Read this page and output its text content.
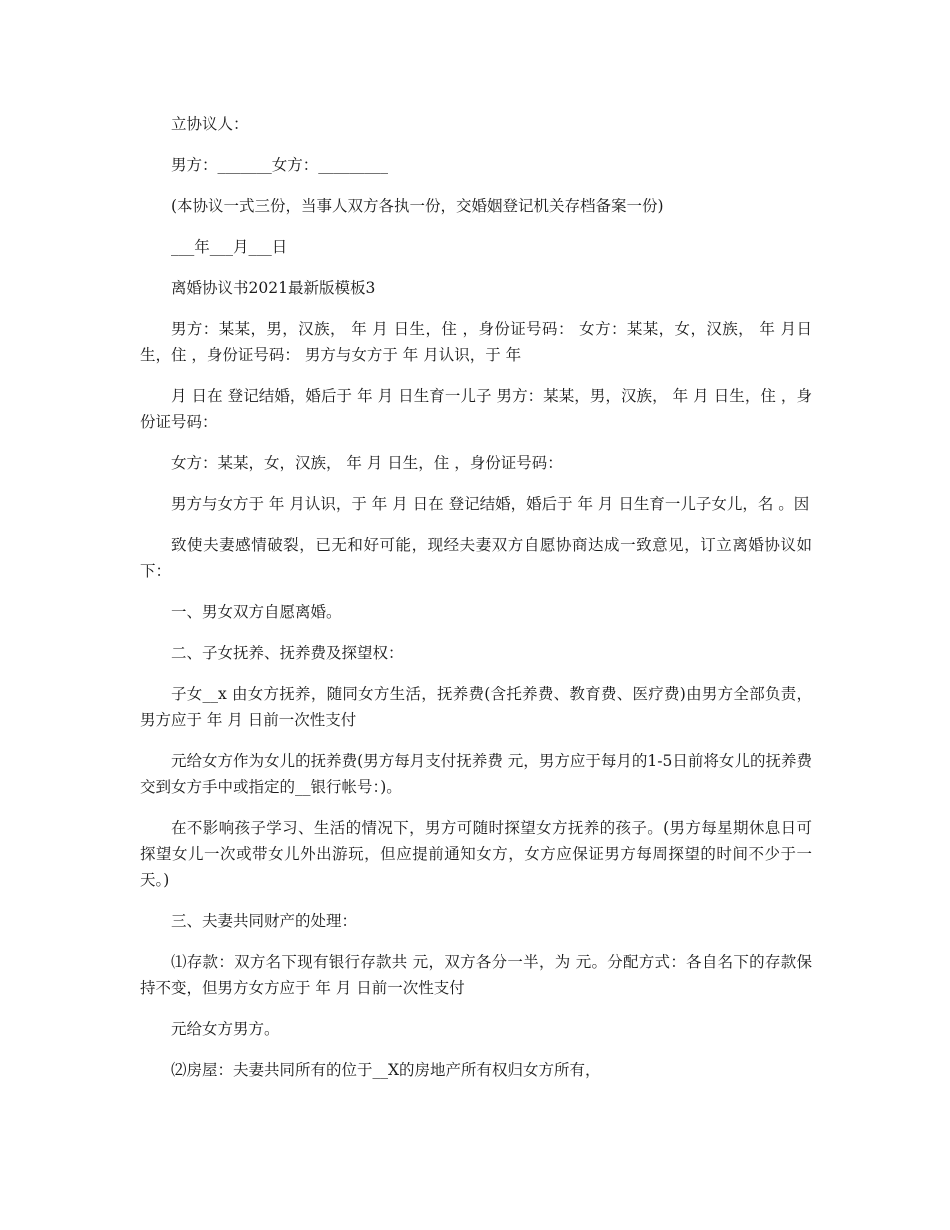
立协议人：

男方：_______女方：_________

(本协议一式三份，当事人双方各执一份，交婚姻登记机关存档备案一份)

___年___月___日

离婚协议书2021最新版模板3

男方：某某，男，汉族， 年 月 日生，住 ，身份证号码： 女方：某某，女，汉族， 年 月日生，住 ，身份证号码： 男方与女方于 年 月认识，于 年

月 日在 登记结婚，婚后于 年 月 日生育一儿子 男方：某某，男，汉族， 年 月 日生，住 ，身份证号码：

女方：某某，女，汉族， 年 月 日生，住 ，身份证号码：

男方与女方于 年 月认识，于 年 月 日在 登记结婚，婚后于 年 月 日生育一儿子女儿，名 。因

致使夫妻感情破裂，已无和好可能，现经夫妻双方自愿协商达成一致意见，订立离婚协议如下：

一、男女双方自愿离婚。

二、子女抚养、抚养费及探望权：

子女__x 由女方抚养，随同女方生活，抚养费(含托养费、教育费、医疗费)由男方全部负责，男方应于 年 月 日前一次性支付

元给女方作为女儿的抚养费(男方每月支付抚养费 元，男方应于每月的1-5日前将女儿的抚养费交到女方手中或指定的__银行帐号：)。

在不影响孩子学习、生活的情况下，男方可随时探望女方抚养的孩子。(男方每星期休息日可探望女儿一次或带女儿外出游玩，但应提前通知女方，女方应保证男方每周探望的时间不少于一天。)

三、夫妻共同财产的处理：

⑴存款：双方名下现有银行存款共 元，双方各分一半，为 元。分配方式：各自名下的存款保持不变，但男方女方应于 年 月 日前一次性支付

元给女方男方。

⑵房屋：夫妻共同所有的位于__X的房地产所有权归女方所有，
